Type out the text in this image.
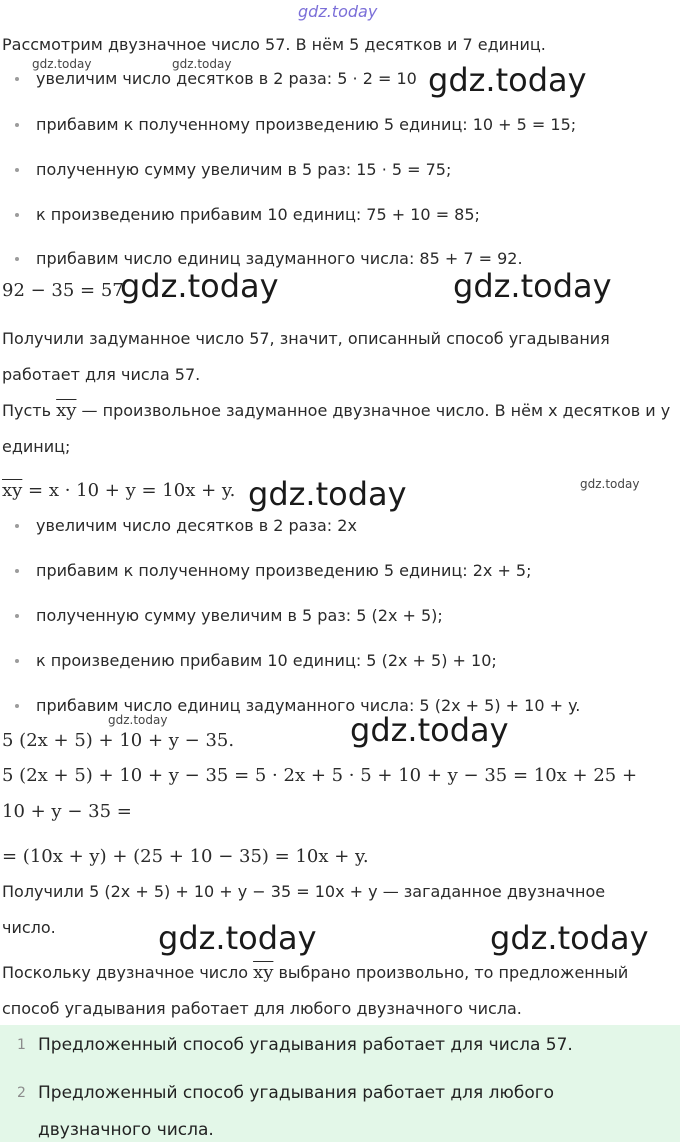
gdz.today
gdz.today	gdz.today	gdz.today
gdz.today	gdz.today
gdz.today
gdz.today
gdz.today	gdz.today
gdz.today	gdz.today
Рассмотрим двузначное число 57. В нём 5 десятков и 7 единиц.
увеличим число десятков в 2 раза: 5 · 2 = 10
прибавим к полученному произведению 5 единиц: 10 + 5 = 15;
полученную сумму увеличим в 5 раз: 15 · 5 = 75;
к произведению прибавим 10 единиц: 75 + 10 = 85;
прибавим число единиц задуманного числа: 85 + 7 = 92.
92 − 35 = 57
Получили задуманное число 57, значит, описанный способ угадывания
работает для числа 57.
Пусть $\overline{xy}$ — произвольное задуманное двузначное число. В нём x десятков и y
единиц;
$\overline{xy} = x \cdot 10 + y = 10x + y$.
увеличим число десятков в 2 раза: 2x
прибавим к полученному произведению 5 единиц: 2x + 5;
полученную сумму увеличим в 5 раз: 5 (2x + 5);
к произведению прибавим 10 единиц: 5 (2x + 5) + 10;
прибавим число единиц задуманного числа: 5 (2x + 5) + 10 + y.
5 (2x + 5) + 10 + y − 35.
5 (2x + 5) + 10 + y − 35 = 5 · 2x + 5 · 5 + 10 + y − 35 = 10x + 25 +
10 + y − 35 =
= (10x + y) + (25 + 10 − 35) = 10x + y.
Получили 5 (2x + 5) + 10 + y − 35 = 10x + y — загаданное двузначное
число.
Поскольку двузначное число $\overline{xy}$ выбрано произвольно, то предложенный
способ угадывания работает для любого двузначного числа.
1 Предложенный способ угадывания работает для числа 57.
2 Предложенный способ угадывания работает для любого
двузначного числа.
